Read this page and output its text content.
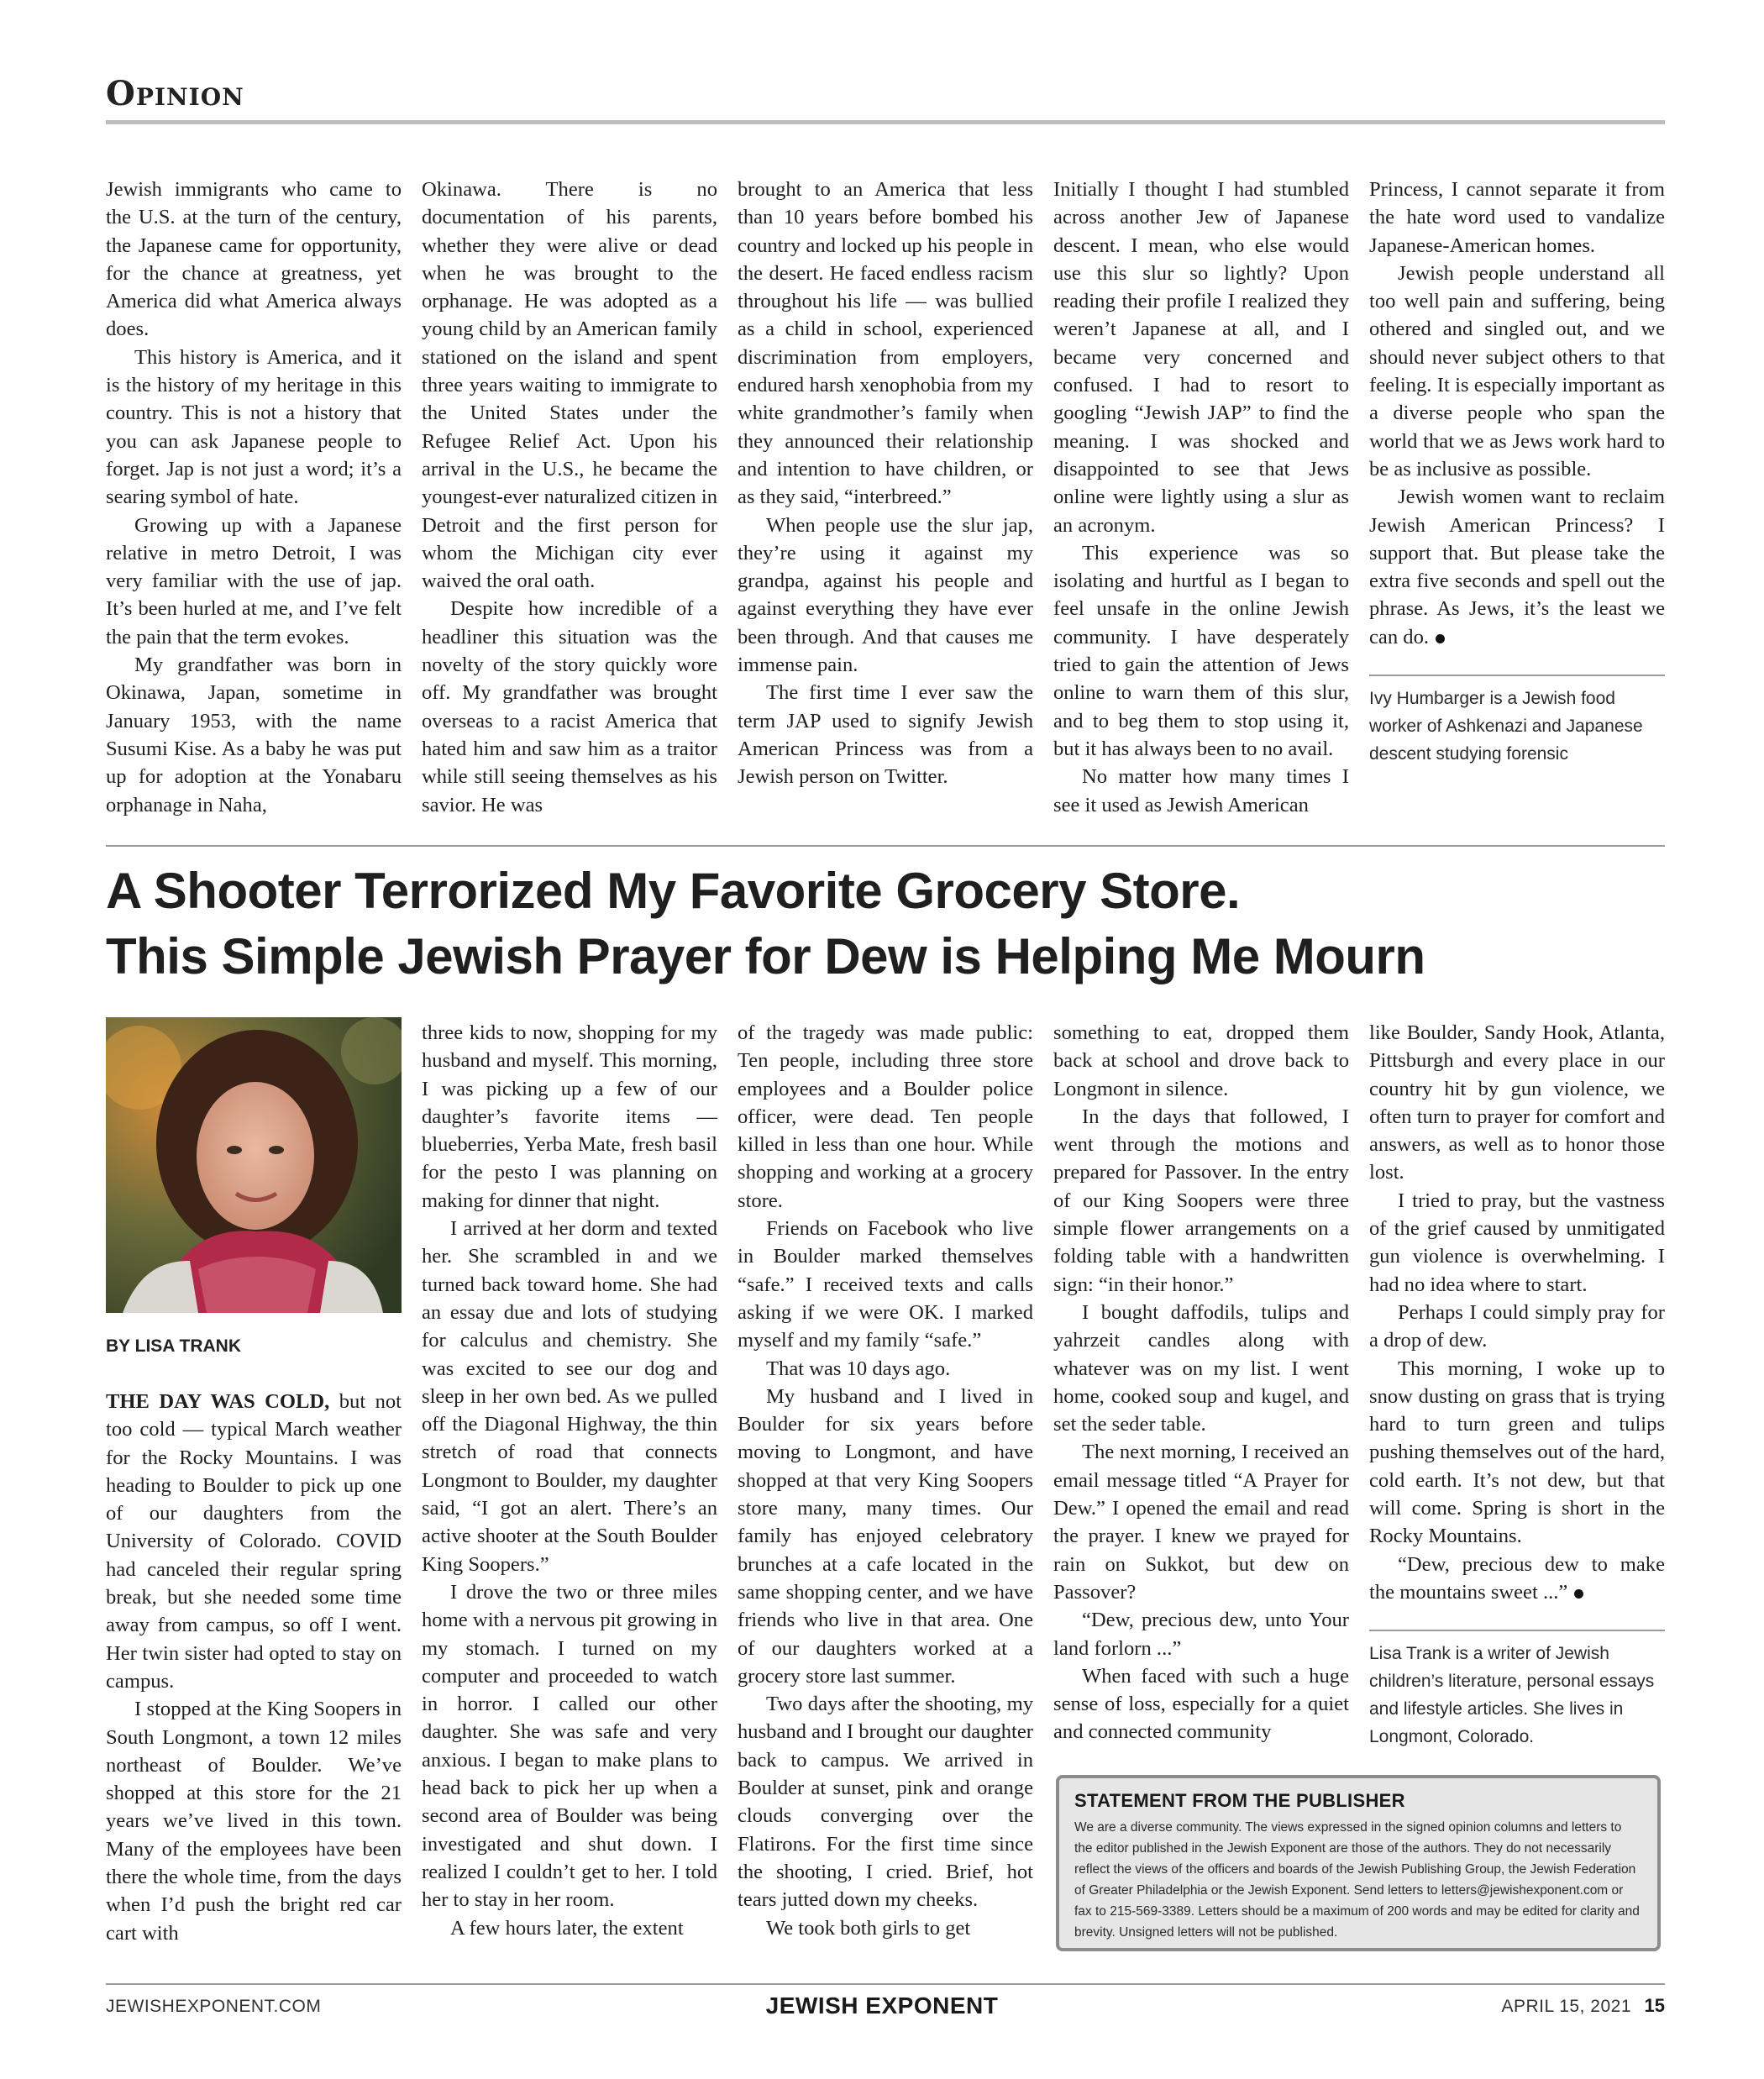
Opinion

Jewish immigrants who came to the U.S. at the turn of the century, the Japanese came for opportunity, for the chance at greatness, yet America did what America always does.

This history is America, and it is the history of my heritage in this country. This is not a history that you can ask Japanese people to forget. Jap is not just a word; it’s a searing symbol of hate.

Growing up with a Japanese relative in metro Detroit, I was very familiar with the use of jap. It’s been hurled at me, and I’ve felt the pain that the term evokes.

My grandfather was born in Okinawa, Japan, sometime in January 1953, with the name Susumi Kise. As a baby he was put up for adoption at the Yonabaru orphanage in Naha,

Okinawa. There is no documentation of his parents, whether they were alive or dead when he was brought to the orphanage. He was adopted as a young child by an American family stationed on the island and spent three years waiting to immigrate to the United States under the Refugee Relief Act. Upon his arrival in the U.S., he became the youngest-ever naturalized citizen in Detroit and the first person for whom the Michigan city ever waived the oral oath.

Despite how incredible of a headliner this situation was the novelty of the story quickly wore off. My grandfather was brought overseas to a racist America that hated him and saw him as a traitor while still seeing themselves as his savior. He was

brought to an America that less than 10 years before bombed his country and locked up his people in the desert. He faced endless racism throughout his life — was bullied as a child in school, experienced discrimination from employers, endured harsh xenophobia from my white grandmother’s family when they announced their relationship and intention to have children, or as they said, “interbreed.”

When people use the slur jap, they’re using it against my grandpa, against his people and against everything they have ever been through. And that causes me immense pain.

The first time I ever saw the term JAP used to signify Jewish American Princess was from a Jewish person on Twitter.

Initially I thought I had stumbled across another Jew of Japanese descent. I mean, who else would use this slur so lightly? Upon reading their profile I realized they weren’t Japanese at all, and I became very concerned and confused. I had to resort to googling “Jewish JAP” to find the meaning. I was shocked and disappointed to see that Jews online were lightly using a slur as an acronym.

This experience was so isolating and hurtful as I began to feel unsafe in the online Jewish community. I have desperately tried to gain the attention of Jews online to warn them of this slur, and to beg them to stop using it, but it has always been to no avail.

No matter how many times I see it used as Jewish American

Princess, I cannot separate it from the hate word used to vandalize Japanese-American homes.

Jewish people understand all too well pain and suffering, being othered and singled out, and we should never subject others to that feeling. It is especially important as a diverse people who span the world that we as Jews work hard to be as inclusive as possible.

Jewish women want to reclaim Jewish American Princess? I support that. But please take the extra five seconds and spell out the phrase. As Jews, it’s the least we can do.

Ivy Humbarger is a Jewish food worker of Ashkenazi and Japanese descent studying forensic
A Shooter Terrorized My Favorite Grocery Store.
This Simple Jewish Prayer for Dew is Helping Me Mourn

BY LISA TRANK

THE DAY WAS COLD, but not too cold — typical March weather for the Rocky Mountains. I was heading to Boulder to pick up one of our daughters from the University of Colorado. COVID had canceled their regular spring break, but she needed some time away from campus, so off I went. Her twin sister had opted to stay on campus.

I stopped at the King Soopers in South Longmont, a town 12 miles northeast of Boulder. We’ve shopped at this store for the 21 years we’ve lived in this town. Many of the employees have been there the whole time, from the days when I’d push the bright red car cart with

three kids to now, shopping for my husband and myself. This morning, I was picking up a few of our daughter’s favorite items — blueberries, Yerba Mate, fresh basil for the pesto I was planning on making for dinner that night.

I arrived at her dorm and texted her. She scrambled in and we turned back toward home. She had an essay due and lots of studying for calculus and chemistry. She was excited to see our dog and sleep in her own bed. As we pulled off the Diagonal Highway, the thin stretch of road that connects Longmont to Boulder, my daughter said, “I got an alert. There’s an active shooter at the South Boulder King Soopers.”

I drove the two or three miles home with a nervous pit growing in my stomach. I turned on my computer and proceeded to watch in horror. I called our other daughter. She was safe and very anxious. I began to make plans to head back to pick her up when a second area of Boulder was being investigated and shut down. I realized I couldn’t get to her. I told her to stay in her room.

A few hours later, the extent

of the tragedy was made public: Ten people, including three store employees and a Boulder police officer, were dead. Ten people killed in less than one hour. While shopping and working at a grocery store.

Friends on Facebook who live in Boulder marked themselves “safe.” I received texts and calls asking if we were OK. I marked myself and my family “safe.”

That was 10 days ago.

My husband and I lived in Boulder for six years before moving to Longmont, and have shopped at that very King Soopers store many, many times. Our family has enjoyed celebratory brunches at a cafe located in the same shopping center, and we have friends who live in that area. One of our daughters worked at a grocery store last summer.

Two days after the shooting, my husband and I brought our daughter back to campus. We arrived in Boulder at sunset, pink and orange clouds converging over the Flatirons. For the first time since the shooting, I cried. Brief, hot tears jutted down my cheeks.

We took both girls to get

something to eat, dropped them back at school and drove back to Longmont in silence.

In the days that followed, I went through the motions and prepared for Passover. In the entry of our King Soopers were three simple flower arrangements on a folding table with a handwritten sign: “in their honor.”

I bought daffodils, tulips and yahrzeit candles along with whatever was on my list. I went home, cooked soup and kugel, and set the seder table.

The next morning, I received an email message titled “A Prayer for Dew.” I opened the email and read the prayer. I knew we prayed for rain on Sukkot, but dew on Passover?

“Dew, precious dew, unto Your land forlorn ...”

When faced with such a huge sense of loss, especially for a quiet and connected community

like Boulder, Sandy Hook, Atlanta, Pittsburgh and every place in our country hit by gun violence, we often turn to prayer for comfort and answers, as well as to honor those lost.

I tried to pray, but the vastness of the grief caused by unmitigated gun violence is overwhelming. I had no idea where to start.

Perhaps I could simply pray for a drop of dew.

This morning, I woke up to snow dusting on grass that is trying hard to turn green and tulips pushing themselves out of the hard, cold earth. It’s not dew, but that will come. Spring is short in the Rocky Mountains.

“Dew, precious dew to make the mountains sweet ...”

Lisa Trank is a writer of Jewish children’s literature, personal essays and lifestyle articles. She lives in Longmont, Colorado.
STATEMENT FROM THE PUBLISHER

We are a diverse community. The views expressed in the signed opinion columns and letters to the editor published in the Jewish Exponent are those of the authors. They do not necessarily reflect the views of the officers and boards of the Jewish Publishing Group, the Jewish Federation of Greater Philadelphia or the Jewish Exponent. Send letters to letters@jewishexponent.com or fax to 215-569-3389. Letters should be a maximum of 200 words and may be edited for clarity and brevity. Unsigned letters will not be published.

JEWISHEXPONENT.COM	JEWISH EXPONENT	APRIL 15, 2021 15
